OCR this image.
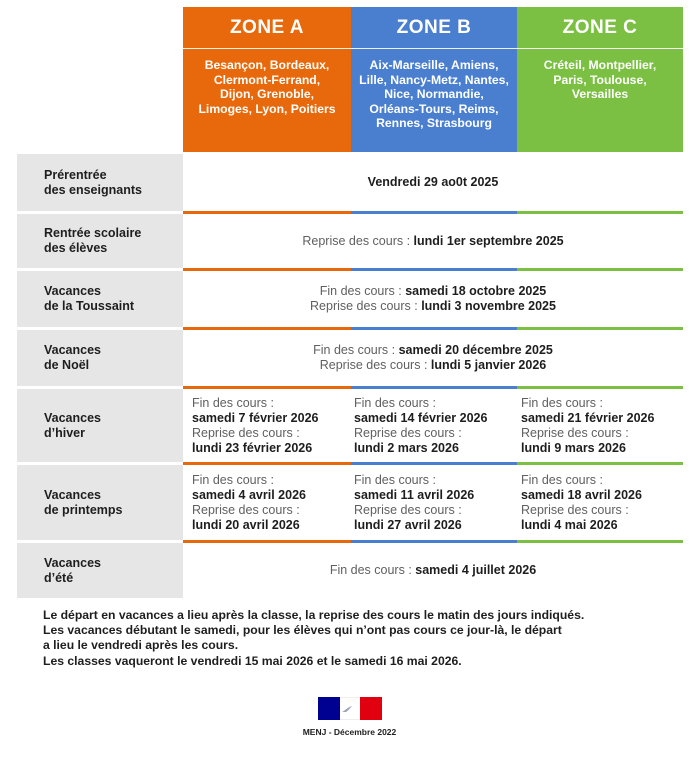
ZONE A
Besançon, Bordeaux,
Clermont-Ferrand,
Dijon, Grenoble,
Limoges, Lyon, Poitiers
ZONE B
Aix-Marseille, Amiens,
Lille, Nancy-Metz, Nantes,
Nice, Normandie,
Orléans-Tours, Reims,
Rennes, Strasbourg
ZONE C
Créteil, Montpellier,
Paris, Toulouse,
Versailles
Prérentrée
des enseignants
Vendredi 29 ao0t 2025
Rentrée scolaire
des élèves
Reprise des cours :
lundi 1er septembre 2025
Vacances
de la Toussaint
Fin des cours : samedi 18 octobre 2025
Reprise des cours : lundi 3 novembre 2025
Vacances
de Noël
Fin des cours : samedi 20 décembre 2025
Reprise des cours : lundi 5 janvier 2026
Vacances
d’hiver
Fin des cours :
samedi 7 février 2026
Reprise des cours :
lundi 23 février 2026
Fin des cours :
samedi 14 février 2026
Reprise des cours :
lundi 2 mars 2026
Fin des cours :
samedi 21 février 2026
Reprise des cours :
lundi 9 mars 2026
Vacances
de printemps
Fin des cours :
samedi 4 avril 2026
Reprise des cours :
lundi 20 avril 2026
Fin des cours :
samedi 11 avril 2026
Reprise des cours :
lundi 27 avril 2026
Fin des cours :
samedi 18 avril 2026
Reprise des cours :
lundi 4 mai 2026
Vacances
d’été
Fin des cours :
samedi 4 juillet 2026
Le départ en vacances a lieu après la classe, la reprise des cours le matin des jours indiqués.
Les vacances débutant le samedi, pour les élèves qui n’ont pas cours ce jour-là, le départ
a lieu le vendredi après les cours.
Les classes vaqueront le vendredi 15 mai 2026 et le samedi 16 mai 2026.
MENJ - Décembre 2022
